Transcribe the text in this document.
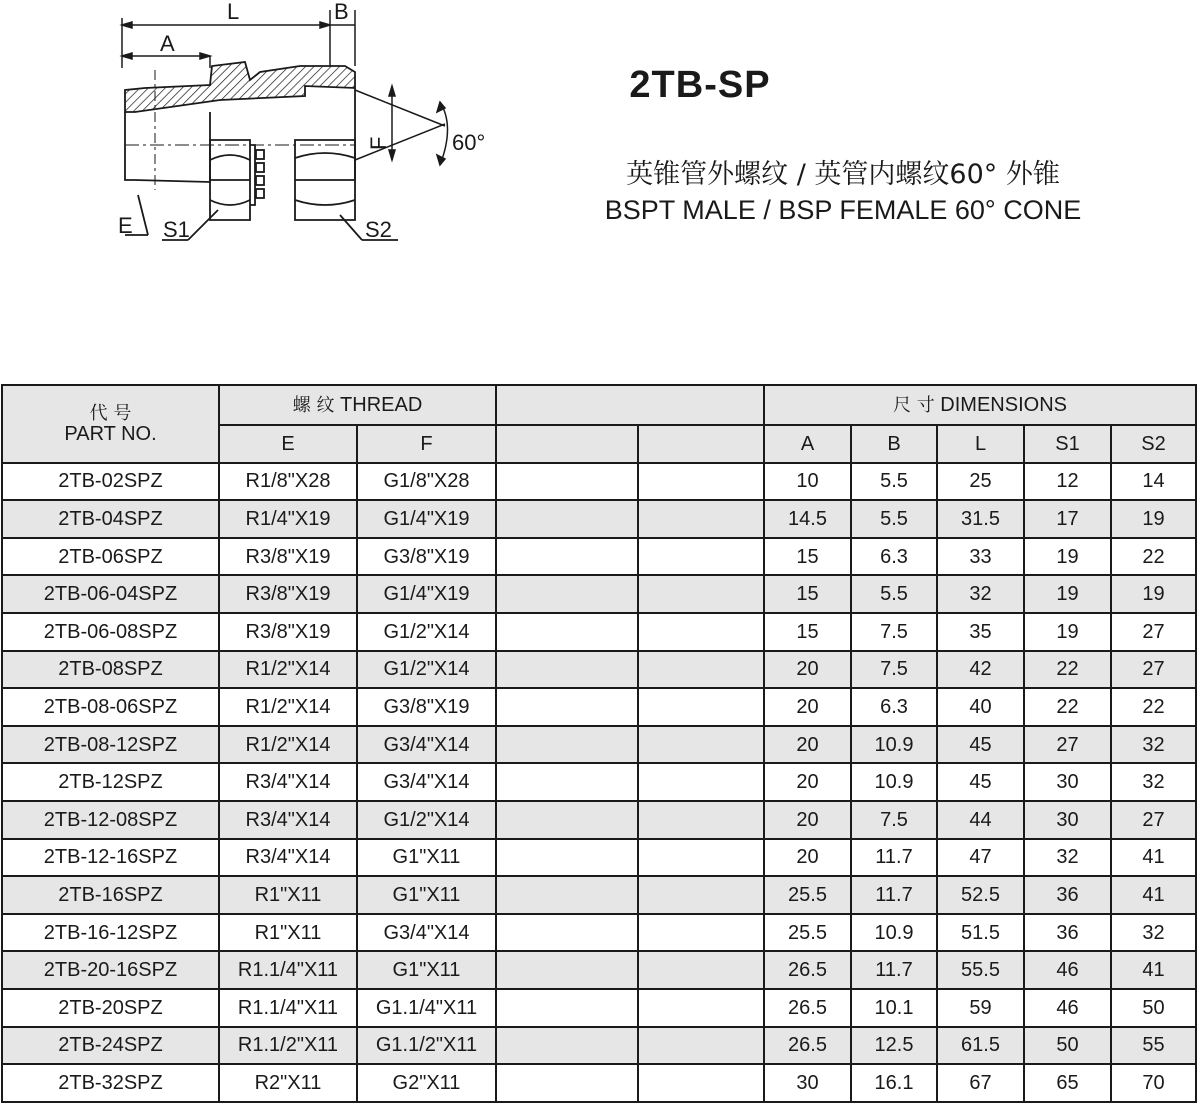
L	B
A
F	60°
E S1	S2
2TB-SP
英锥管外螺纹 / 英管内螺纹60° 外锥
BSPT MALE / BSP FEMALE 60° CONE
代 号
PART NO.	螺 纹 THREAD				尺 寸 DIMENSIONS				
	E	F			A	B	L	S1	S2
2TB-02SPZ	R1/8"X28	G1/8"X28			10	5.5	25	12	14
2TB-04SPZ	R1/4"X19	G1/4"X19			14.5	5.5	31.5	17	19
2TB-06SPZ	R3/8"X19	G3/8"X19			15	6.3	33	19	22
2TB-06-04SPZ	R3/8"X19	G1/4"X19			15	5.5	32	19	19
2TB-06-08SPZ	R3/8"X19	G1/2"X14			15	7.5	35	19	27
2TB-08SPZ	R1/2"X14	G1/2"X14			20	7.5	42	22	27
2TB-08-06SPZ	R1/2"X14	G3/8"X19			20	6.3	40	22	22
2TB-08-12SPZ	R1/2"X14	G3/4"X14			20	10.9	45	27	32
2TB-12SPZ	R3/4"X14	G3/4"X14			20	10.9	45	30	32
2TB-12-08SPZ	R3/4"X14	G1/2"X14			20	7.5	44	30	27
2TB-12-16SPZ	R3/4"X14	G1"X11			20	11.7	47	32	41
2TB-16SPZ	R1"X11	G1"X11			25.5	11.7	52.5	36	41
2TB-16-12SPZ	R1"X11	G3/4"X14			25.5	10.9	51.5	36	32
2TB-20-16SPZ	R1.1/4"X11	G1"X11			26.5	11.7	55.5	46	41
2TB-20SPZ	R1.1/4"X11	G1.1/4"X11			26.5	10.1	59	46	50
2TB-24SPZ	R1.1/2"X11	G1.1/2"X11			26.5	12.5	61.5	50	55
2TB-32SPZ	R2"X11	G2"X11			30	16.1	67	65	70
